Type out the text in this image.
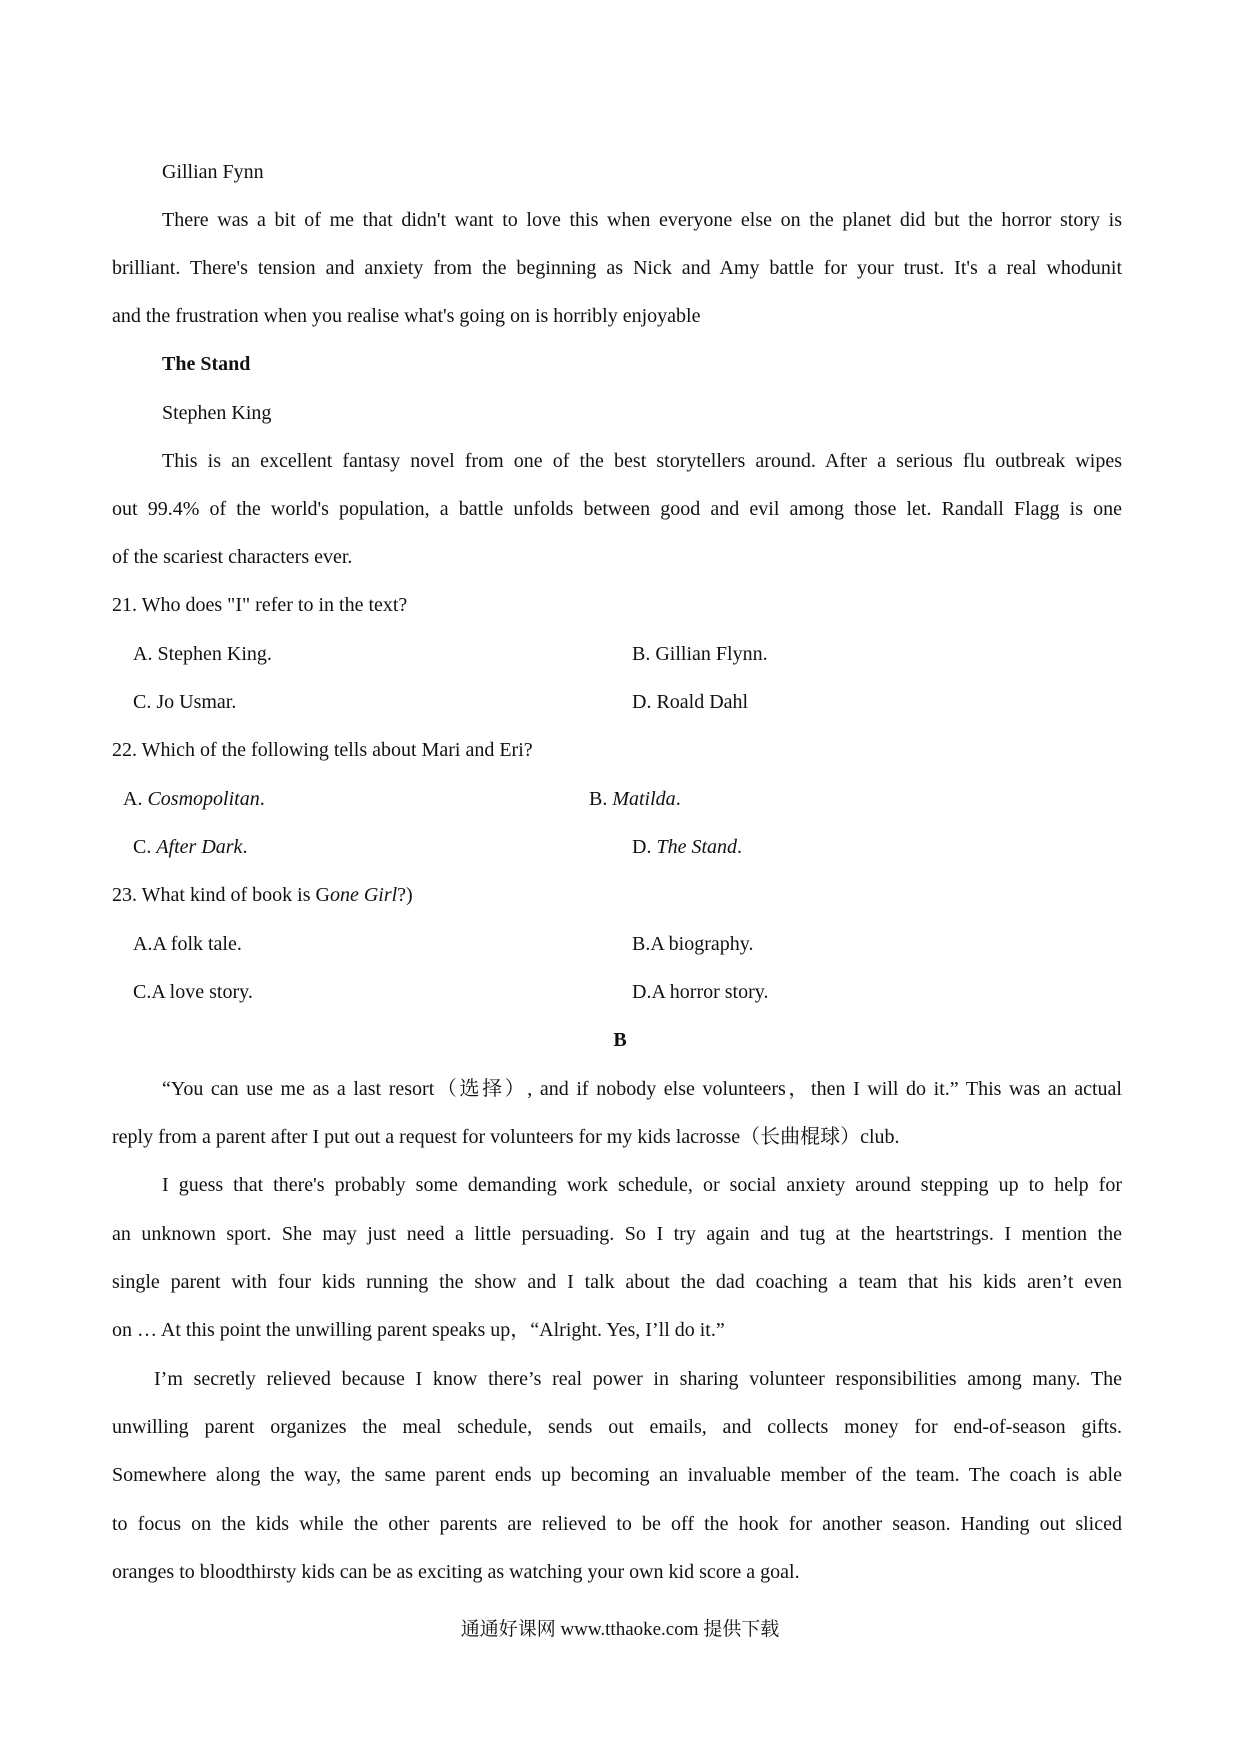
Gillian Fynn
There was a bit of me that didn't want to love this when everyone else on the planet did but the horror story is
brilliant. There's tension and anxiety from the beginning as Nick and Amy battle for your trust. It's a real whodunit
and the frustration when you realise what's going on is horribly enjoyable
The Stand
Stephen King
This is an excellent fantasy novel from one of the best storytellers around. After a serious flu outbreak wipes
out 99.4% of the world's population, a battle unfolds between good and evil among those let. Randall Flagg is one
of the scariest characters ever.
21. Who does "I" refer to in the text?
A. Stephen King.	B. Gillian Flynn.
C. Jo Usmar.	D. Roald Dahl
22. Which of the following tells about Mari and Eri?
A. Cosmopolitan.	B. Matilda.
C. After Dark.	D. The Stand.
23. What kind of book is Gone Girl?)
A.A folk tale.	B.A biography.
C.A love story.	D.A horror story.
B
“You can use me as a last resort（选择）, and if nobody else volunteers，then I will do it.” This was an actual
reply from a parent after I put out a request for volunteers for my kids lacrosse（长曲棍球）club.
I guess that there's probably some demanding work schedule, or social anxiety around stepping up to help for
an unknown sport. She may just need a little persuading. So I try again and tug at the heartstrings. I mention the
single parent with four kids running the show and I talk about the dad coaching a team that his kids aren’t even
on … At this point the unwilling parent speaks up，“Alright. Yes, I’ll do it.”
I’m secretly relieved because I know there’s real power in sharing volunteer responsibilities among many. The
unwilling parent organizes the meal schedule, sends out emails, and collects money for end-of-season gifts.
Somewhere along the way, the same parent ends up becoming an invaluable member of the team. The coach is able
to focus on the kids while the other parents are relieved to be off the hook for another season. Handing out sliced
oranges to bloodthirsty kids can be as exciting as watching your own kid score a goal.
通通好课网 www.tthaoke.com 提供下载
